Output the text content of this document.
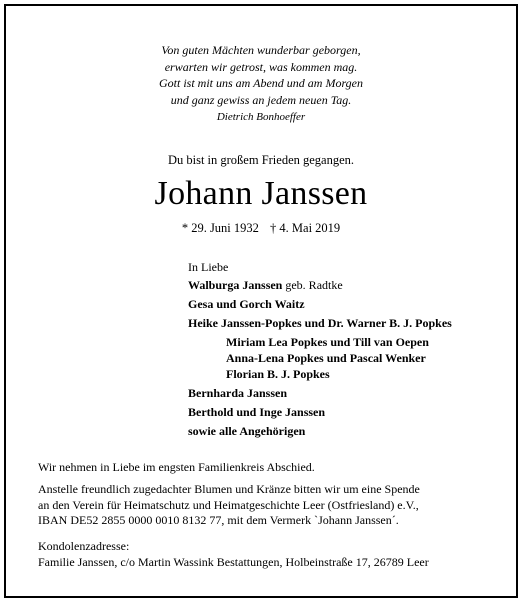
Von guten Mächten wunderbar geborgen,
erwarten wir getrost, was kommen mag.
Gott ist mit uns am Abend und am Morgen
und ganz gewiss an jedem neuen Tag.
Dietrich Bonhoeffer
Du bist in großem Frieden gegangen.
Johann Janssen
* 29. Juni 1932 † 4. Mai 2019
In Liebe
Walburga Janssen geb. Radtke
Gesa und Gorch Waitz
Heike Janssen-Popkes und Dr. Warner B. J. Popkes
Miriam Lea Popkes und Till van Oepen
Anna-Lena Popkes und Pascal Wenker
Florian B. J. Popkes
Bernharda Janssen
Berthold und Inge Janssen
sowie alle Angehörigen
Wir nehmen in Liebe im engsten Familienkreis Abschied.
Anstelle freundlich zugedachter Blumen und Kränze bitten wir um eine Spende
an den Verein für Heimatschutz und Heimatgeschichte Leer (Ostfriesland) e.V.,
IBAN DE52 2855 0000 0010 8132 77, mit dem Vermerk `Johann Janssen´.
Kondolenzadresse:
Familie Janssen, c/o Martin Wassink Bestattungen, Holbeinstraße 17, 26789 Leer
